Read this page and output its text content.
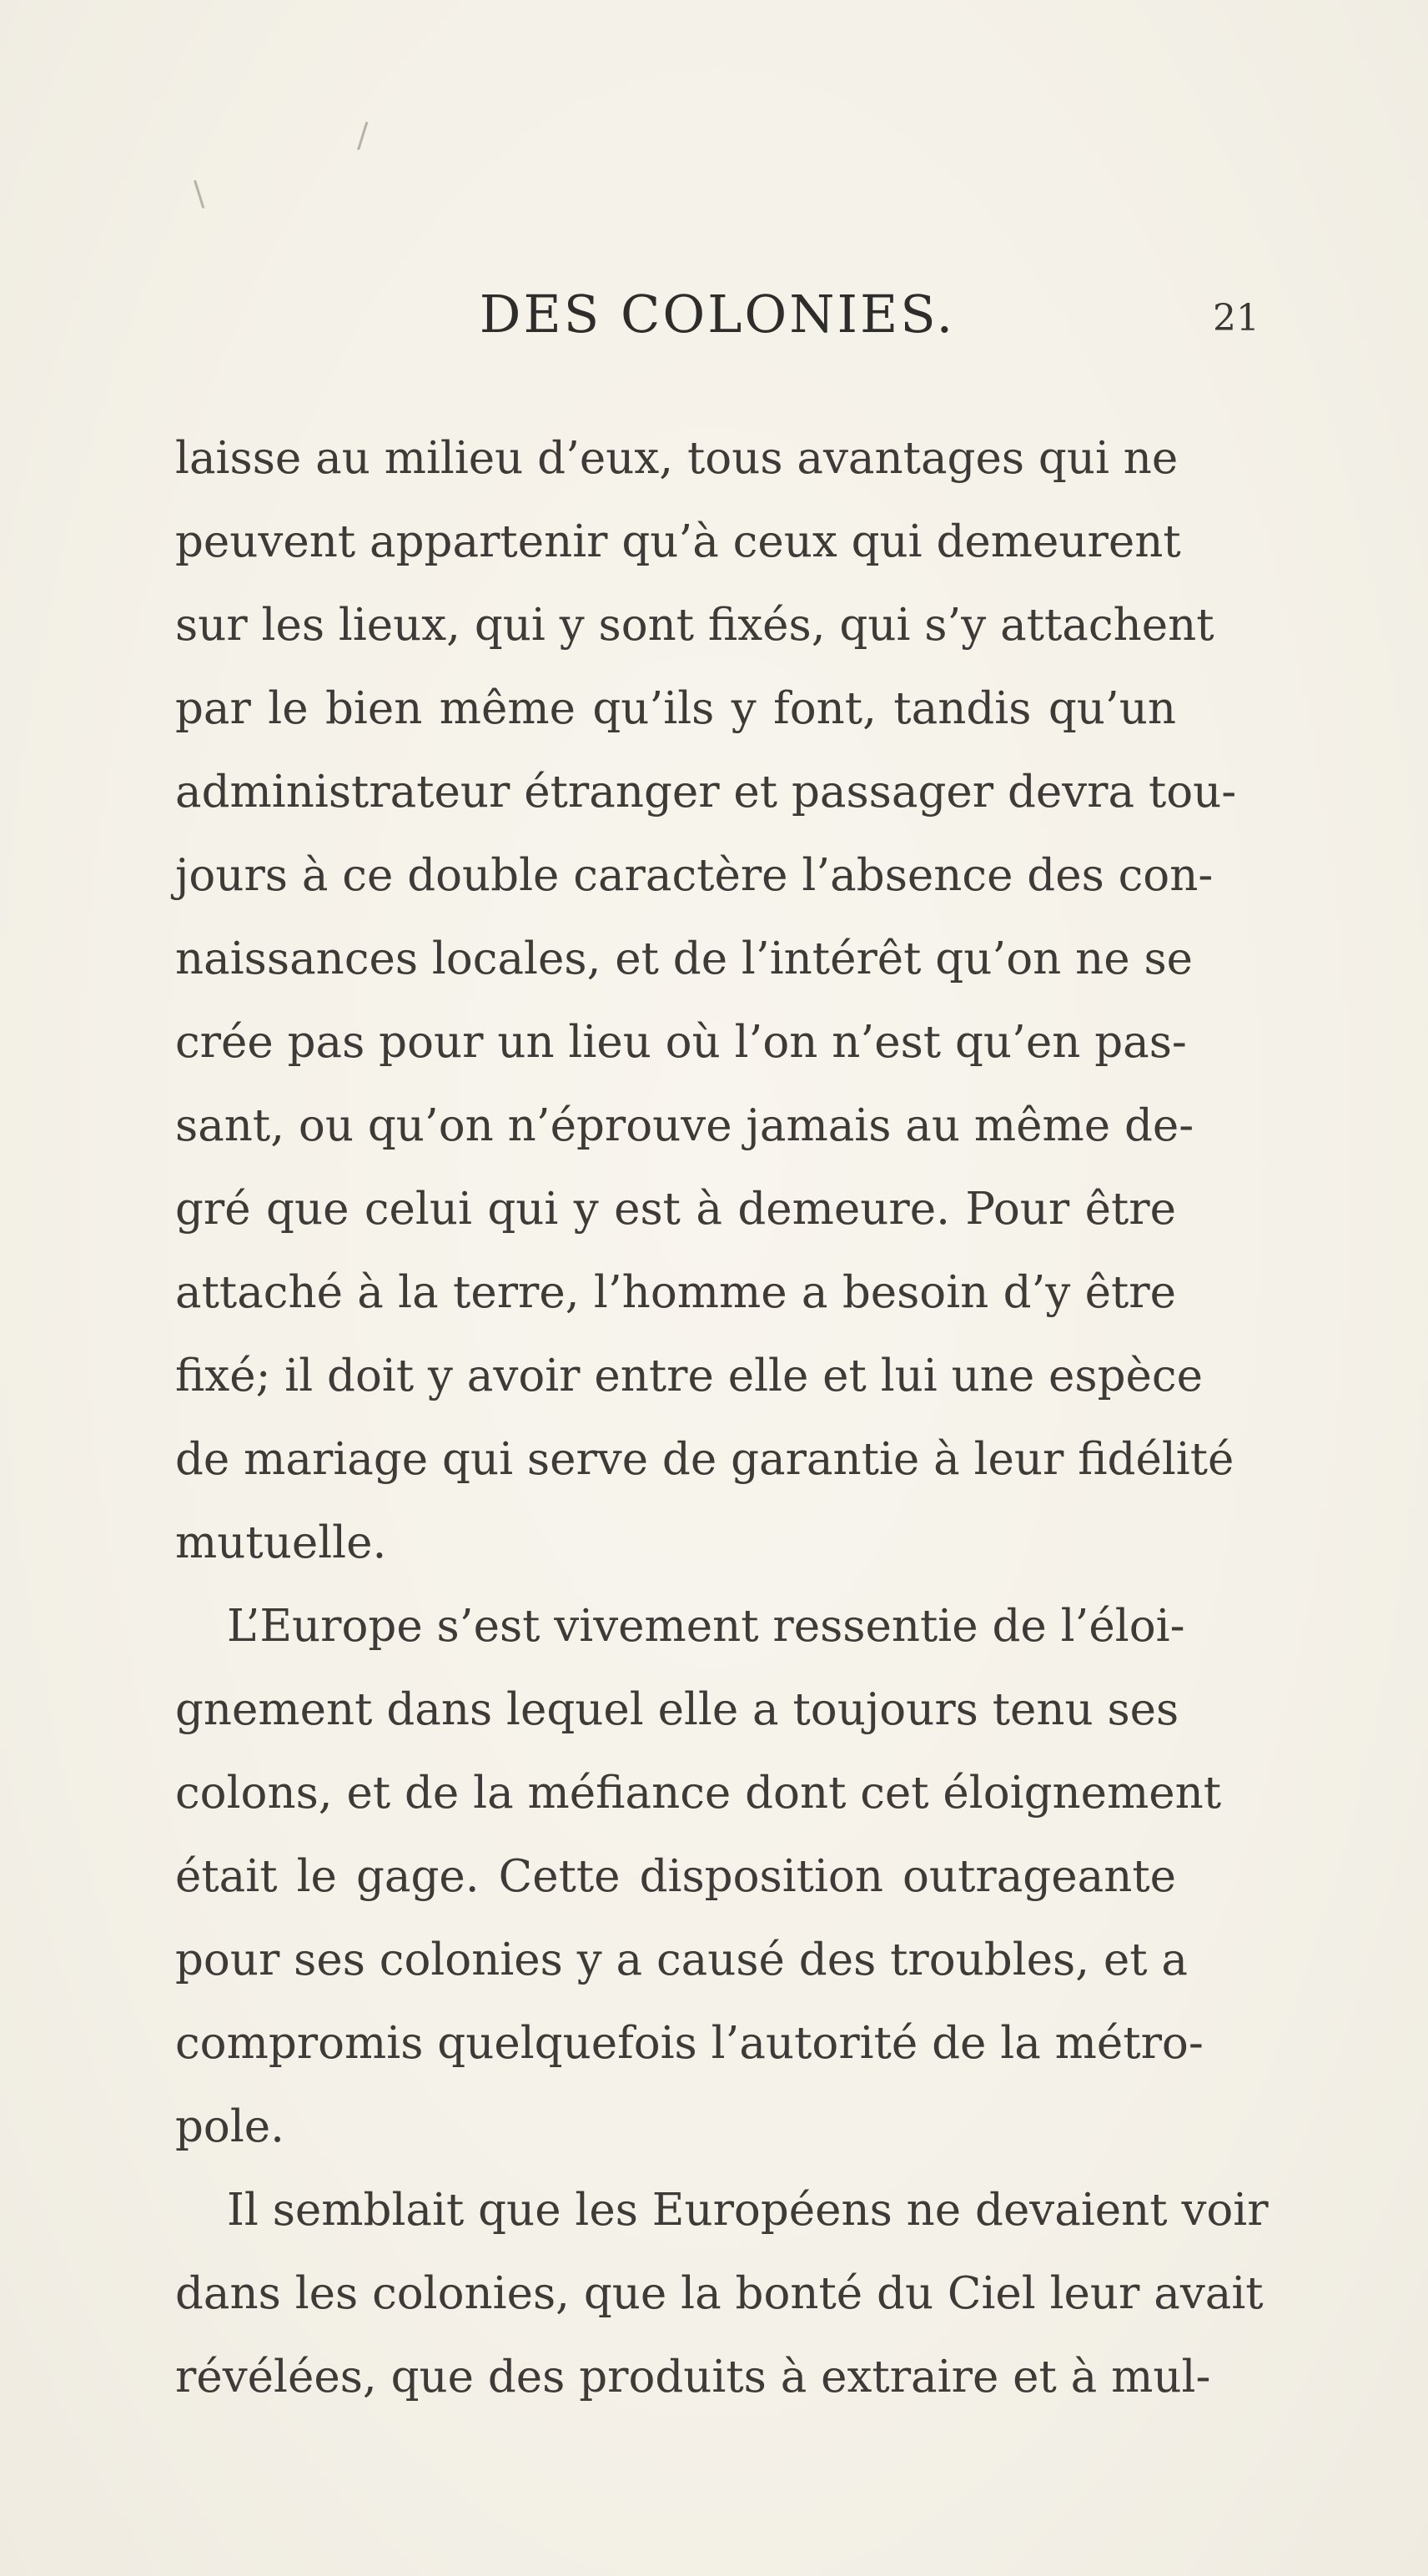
/
\
DES COLONIES.	21
laisse au milieu d’eux, tous avantages qui ne
peuvent appartenir qu’à ceux qui demeurent
sur les lieux, qui y sont fixés, qui s’y attachent
par le bien même qu’ils y font, tandis qu’un
administrateur étranger et passager devra tou-
jours à ce double caractère l’absence des con-
naissances locales, et de l’intérêt qu’on ne se
crée pas pour un lieu où l’on n’est qu’en pas-
sant, ou qu’on n’éprouve jamais au même de-
gré que celui qui y est à demeure. Pour être
attaché à la terre, l’homme a besoin d’y être
fixé; il doit y avoir entre elle et lui une espèce
de mariage qui serve de garantie à leur fidélité
mutuelle.
L’Europe s’est vivement ressentie de l’éloi-
gnement dans lequel elle a toujours tenu ses
colons, et de la méfiance dont cet éloignement
était le gage. Cette disposition outrageante
pour ses colonies y a causé des troubles, et a
compromis quelquefois l’autorité de la métro-
pole.
Il semblait que les Européens ne devaient voir
dans les colonies, que la bonté du Ciel leur avait
révélées, que des produits à extraire et à mul-
